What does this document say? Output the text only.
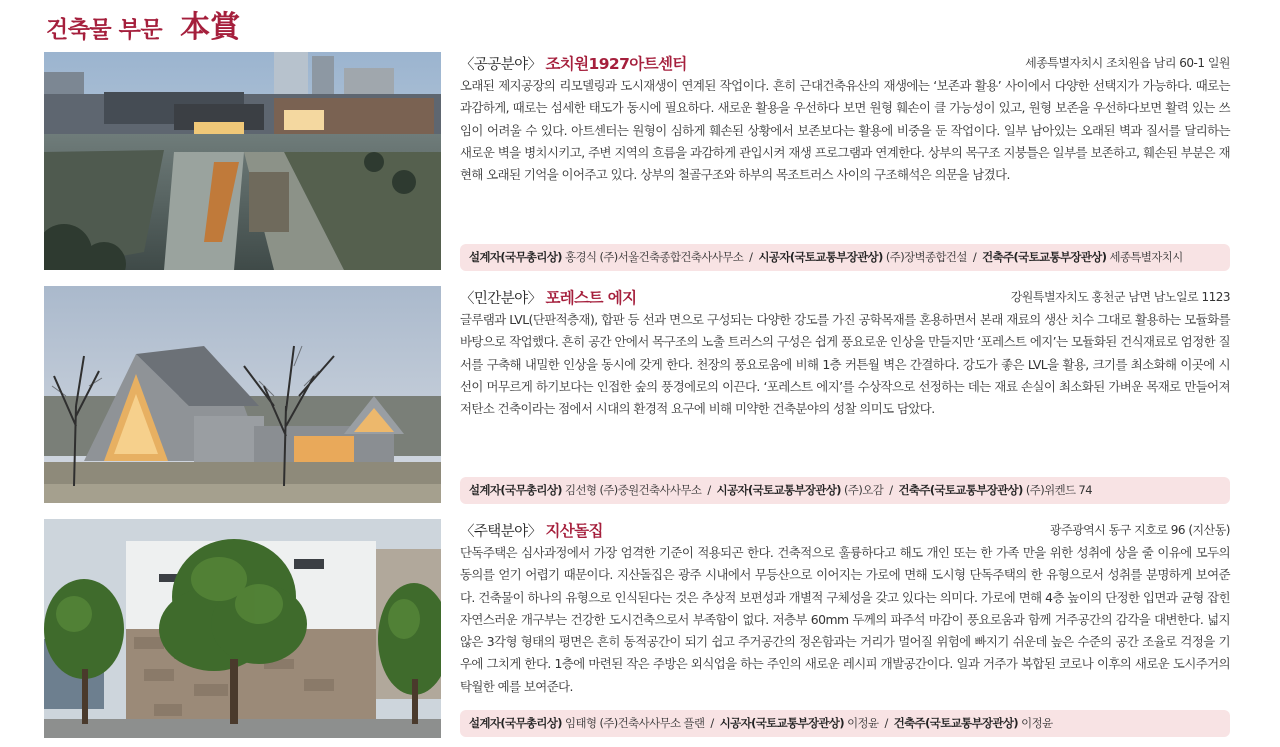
건축물 부문 本賞
〈공공분야〉 조치원1927아트센터	세종특별자치시 조치원읍 남리 60-1 일원

오래된 제지공장의 리모델링과 도시재생이 연계된 작업이다. 흔히 근대건축유산의 재생에는 ‘보존과 활용’ 사이에서 다양한 선택지가 가능하다. 때로는 과감하게, 때로는 섬세한 태도가 동시에 필요하다. 새로운 활용을 우선하다 보면 원형 훼손이 클 가능성이 있고, 원형 보존을 우선하다보면 활력 있는 쓰임이 어려울 수 있다. 아트센터는 원형이 심하게 훼손된 상황에서 보존보다는 활용에 비중을 둔 작업이다. 일부 남아있는 오래된 벽과 질서를 달리하는 새로운 벽을 병치시키고, 주변 지역의 흐름을 과감하게 관입시켜 재생 프로그램과 연계한다. 상부의 목구조 지붕틀은 일부를 보존하고, 훼손된 부분은 재현해 오래된 기억을 이어주고 있다. 상부의 철골구조와 하부의 목조트러스 사이의 구조해석은 의문을 남겼다.

설계자(국무총리상) 홍경식 (주)서울건축종합건축사사무소 / 시공자(국토교통부장관상) (주)장벽종합건설 / 건축주(국토교통부장관상) 세종특별자치시
〈민간분야〉 포레스트 에지	강원특별자치도 홍천군 남면 남노일로 1123

글루램과 LVL(단판적층재), 합판 등 선과 면으로 구성되는 다양한 강도를 가진 공학목재를 혼용하면서 본래 재료의 생산 치수 그대로 활용하는 모듈화를 바탕으로 작업했다. 흔히 공간 안에서 목구조의 노출 트러스의 구성은 쉽게 풍요로운 인상을 만들지만 ‘포레스트 에지’는 모듈화된 건식재료로 엄정한 질서를 구축해 내밀한 인상을 동시에 갖게 한다. 천장의 풍요로움에 비해 1층 커튼월 벽은 간결하다. 강도가 좋은 LVL을 활용, 크기를 최소화해 이곳에 시선이 머무르게 하기보다는 인접한 숲의 풍경에로의 이끈다. ‘포레스트 에지’를 수상작으로 선정하는 데는 재료 손실이 최소화된 가벼운 목재로 만들어져 저탄소 건축이라는 점에서 시대의 환경적 요구에 비해 미약한 건축분야의 성찰 의미도 담았다.

설계자(국무총리상) 김선형 (주)중원건축사사무소 / 시공자(국토교통부장관상) (주)오감 / 건축주(국토교통부장관상) (주)위켄드 74
〈주택분야〉 지산돌집	광주광역시 동구 지호로 96 (지산동)

단독주택은 심사과정에서 가장 엄격한 기준이 적용되곤 한다. 건축적으로 훌륭하다고 해도 개인 또는 한 가족 만을 위한 성취에 상을 줄 이유에 모두의 동의를 얻기 어렵기 때문이다. 지산돌집은 광주 시내에서 무등산으로 이어지는 가로에 면해 도시형 단독주택의 한 유형으로서 성취를 분명하게 보여준다. 건축물이 하나의 유형으로 인식된다는 것은 추상적 보편성과 개별적 구체성을 갖고 있다는 의미다. 가로에 면해 4층 높이의 단정한 입면과 균형 잡힌 자연스러운 개구부는 건강한 도시건축으로서 부족함이 없다. 저층부 60mm 두께의 파주석 마감이 풍요로움과 함께 거주공간의 감각을 대변한다. 넓지 않은 3각형 형태의 평면은 흔히 동적공간이 되기 쉽고 주거공간의 정온함과는 거리가 멀어질 위험에 빠지기 쉬운데 높은 수준의 공간 조율로 걱정을 기우에 그치게 한다. 1층에 마련된 작은 주방은 외식업을 하는 주인의 새로운 레시피 개발공간이다. 일과 거주가 복합된 코로나 이후의 새로운 도시주거의 탁월한 예를 보여준다.

설계자(국무총리상) 임태형 (주)건축사사무소 플랜 / 시공자(국토교통부장관상) 이정윤 / 건축주(국토교통부장관상) 이정윤
